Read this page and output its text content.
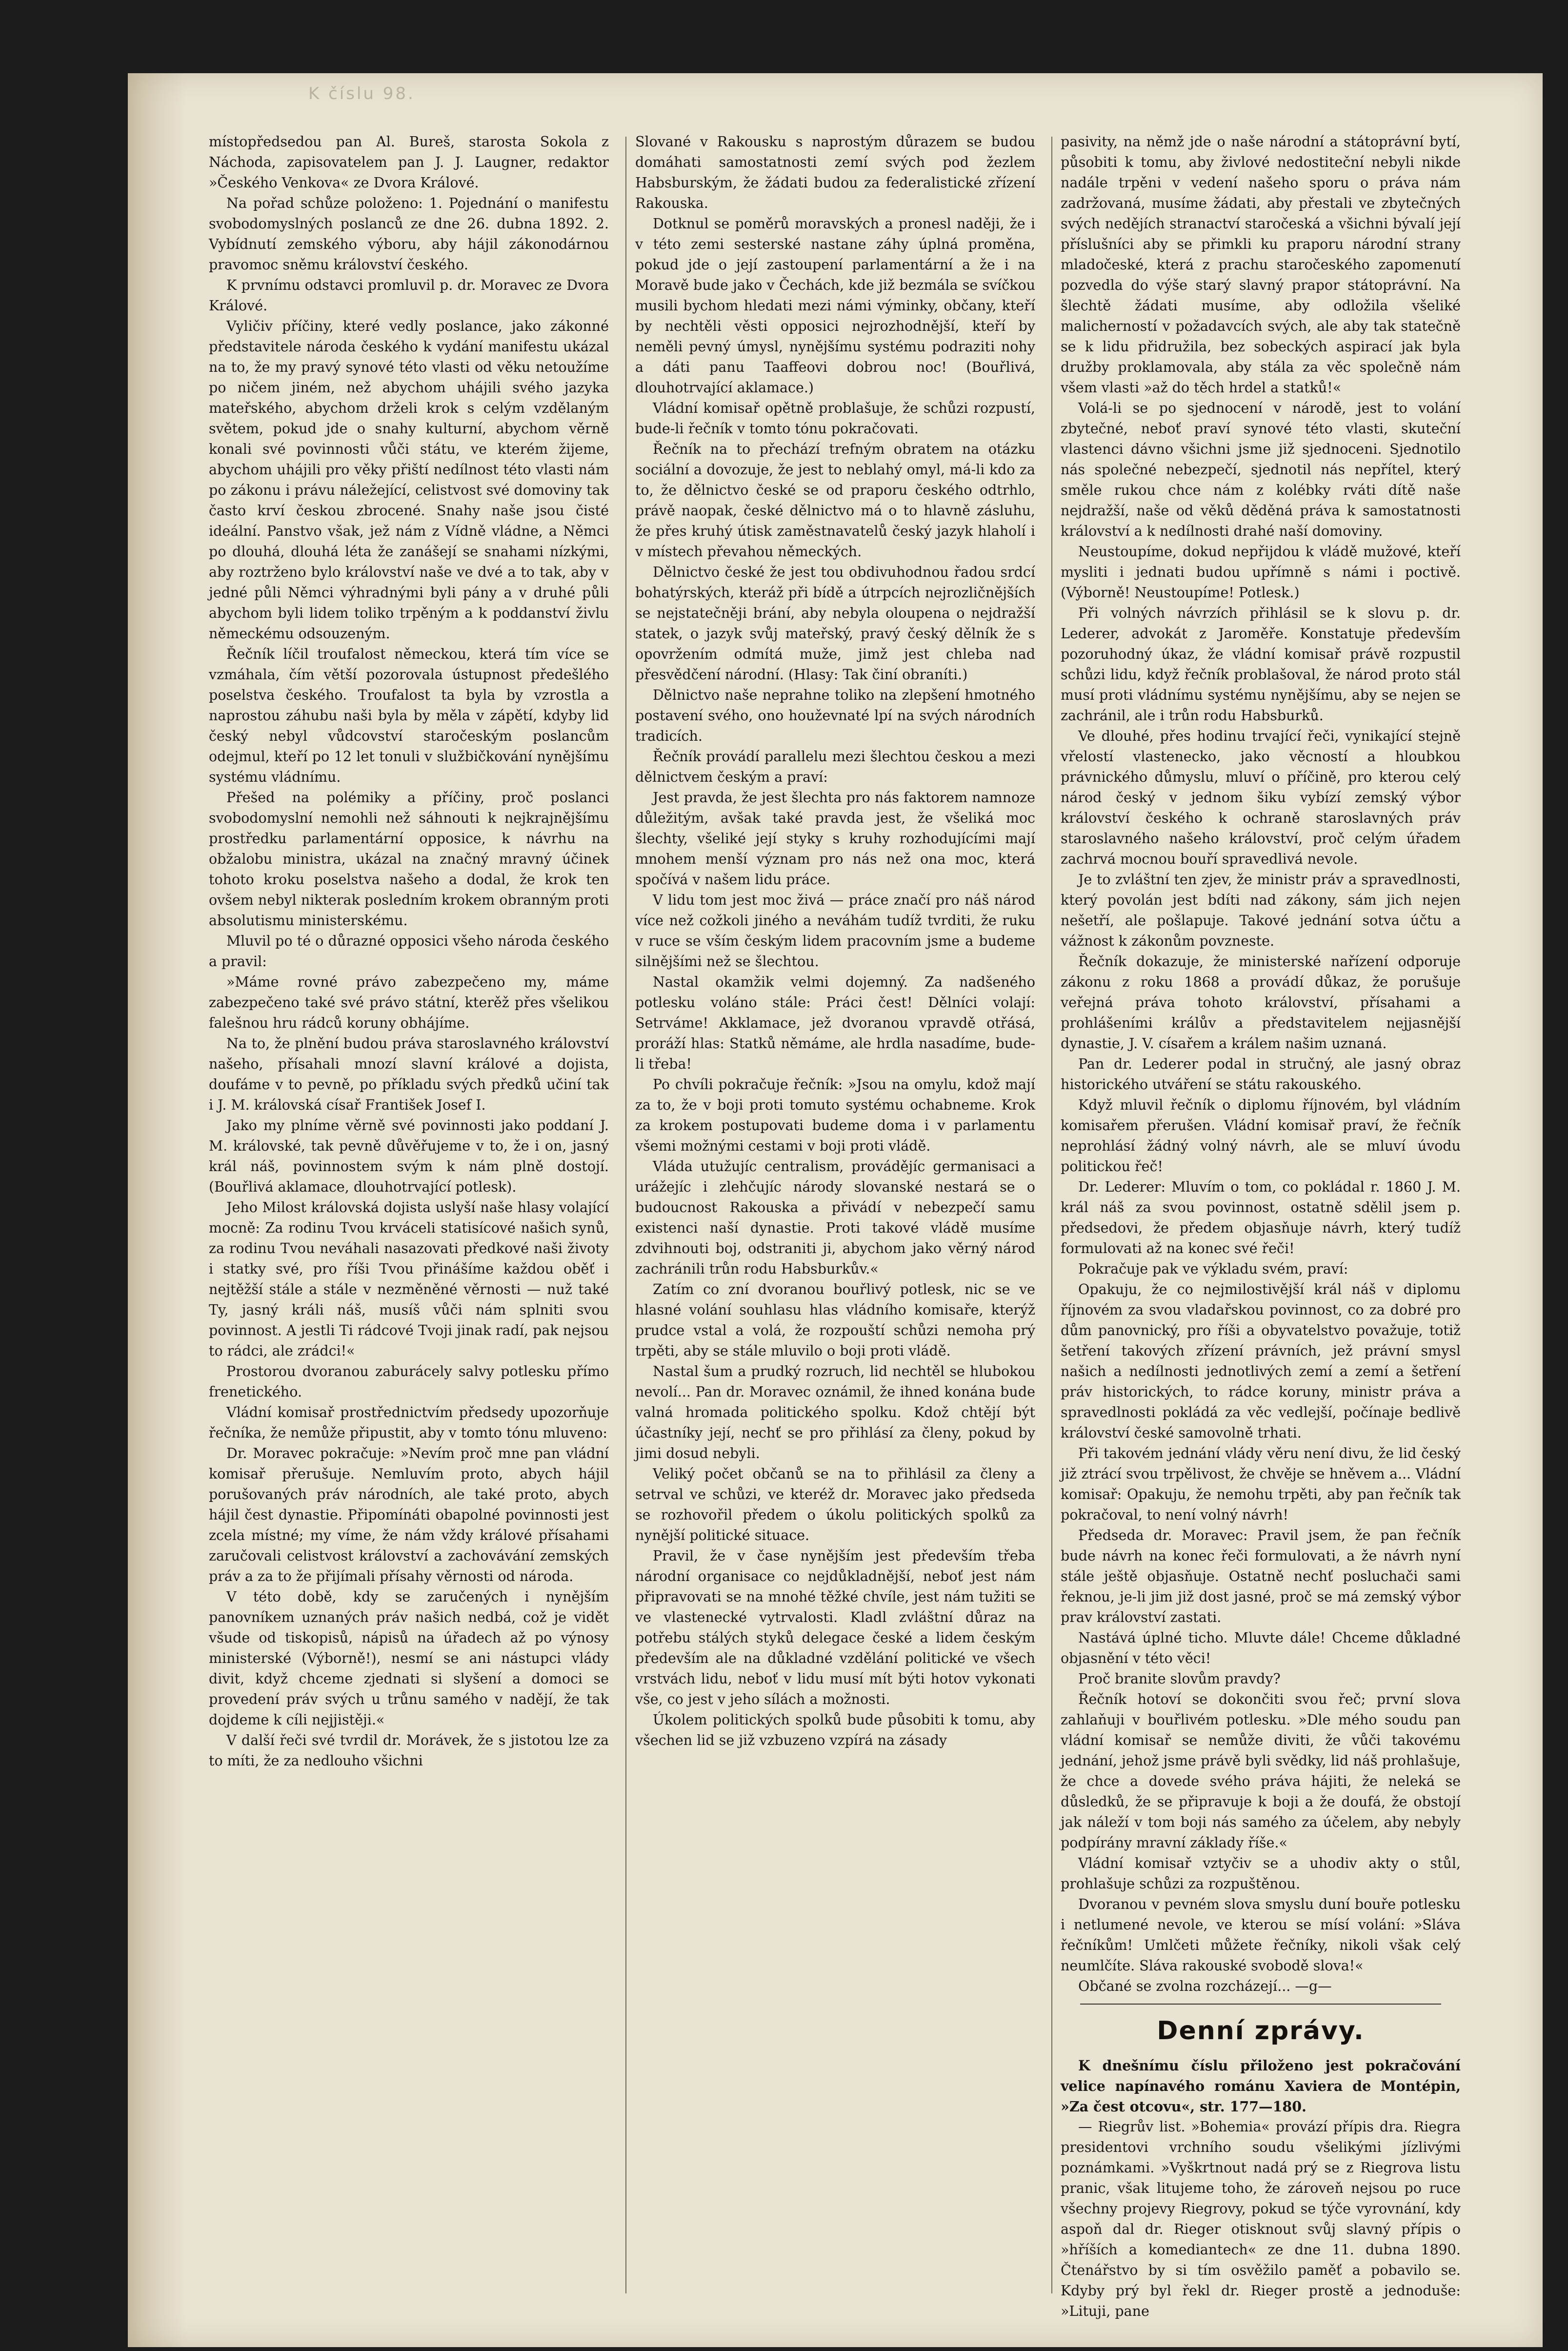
K číslu 98.

místopředsedou pan Al. Bureš, starosta Sokola z Náchoda, zapisovatelem pan J. J. Laugner, redaktor »Českého Venkova« ze Dvora Králové.

Na pořad schůze položeno: 1. Pojednání o manifestu svobodomyslných poslanců ze dne 26. dubna 1892. 2. Vybídnutí zemského výboru, aby hájil zákonodárnou pravomoc sněmu království českého.

K prvnímu odstavci promluvil p. dr. Moravec ze Dvora Králové.

Vyličiv příčiny, které vedly poslance, jako zákonné představitele národa českého k vydání manifestu ukázal na to, že my pravý synové této vlasti od věku netoužíme po ničem jiném, než abychom uhájili svého jazyka mateřského, abychom drželi krok s celým vzdělaným světem, pokud jde o snahy kulturní, abychom věrně konali své povinnosti vůči státu, ve kterém žijeme, abychom uhájili pro věky přiští nedílnost této vlasti nám po zákonu i právu náležející, celistvost své domoviny tak často krví českou zbrocené. Snahy naše jsou čisté ideální. Panstvo však, jež nám z Vídně vládne, a Němci po dlouhá, dlouhá léta že zanášejí se snahami nízkými, aby roztrženo bylo království naše ve dvé a to tak, aby v jedné půli Němci výhradnými byli pány a v druhé půli abychom byli lidem toliko trpěným a k poddanství živlu německému odsouzeným.

Řečník líčil troufalost německou, která tím více se vzmáhala, čím větší pozorovala ústupnost předešlého poselstva českého. Troufalost ta byla by vzrostla a naprostou záhubu naši byla by měla v zápětí, kdyby lid český nebyl vůdcovství staročeským poslancům odejmul, kteří po 12 let tonuli v službičkování nynějšímu systému vládnímu.

Přešed na polémiky a příčiny, proč poslanci svobodomyslní nemohli než sáhnouti k nejkrajnějšímu prostředku parlamentární opposice, k návrhu na obžalobu ministra, ukázal na značný mravný účinek tohoto kroku poselstva našeho a dodal, že krok ten ovšem nebyl nikterak posledním krokem obranným proti absolutismu ministerskému.

Mluvil po té o důrazné opposici všeho národa českého a pravil:

»Máme rovné právo zabezpečeno my, máme zabezpečeno také své právo státní, kterěž přes všelikou falešnou hru rádců koruny obhájíme.

Na to, že plnění budou práva staroslavného království našeho, přísahali mnozí slavní králové a dojista, doufáme v to pevně, po příkladu svých předků učiní tak i J. M. královská císař František Josef I.

Jako my plníme věrně své povinnosti jako poddaní J. M. královské, tak pevně důvěřujeme v to, že i on, jasný král náš, povinnostem svým k nám plně dostojí. (Bouřlivá aklamace, dlouhotrvající potlesk).

Jeho Milost královská dojista uslyší naše hlasy volající mocně: Za rodinu Tvou krváceli statisícové našich synů, za rodinu Tvou neváhali nasazovati předkové naši životy i statky své, pro říši Tvou přinášíme každou oběť i nejtěžší stále a stále v nezměněné věrnosti — nuž také Ty, jasný králi náš, musíš vůči nám splniti svou povinnost. A jestli Ti rádcové Tvoji jinak radí, pak nejsou to rádci, ale zrádci!«

Prostorou dvoranou zaburácely salvy potlesku přímo frenetického.

Vládní komisař prostřednictvím předsedy upozorňuje řečníka, že nemůže připustit, aby v tomto tónu mluveno:

Dr. Moravec pokračuje: »Nevím proč mne pan vládní komisař přerušuje. Nemluvím proto, abych hájil porušovaných práv národních, ale také proto, abych hájil čest dynastie. Připomínáti obapolné povinnosti jest zcela místné; my víme, že nám vždy králové přísahami zaručovali celistvost království a zachovávání zemských práv a za to že přijímali přísahy věrnosti od národa.

V této době, kdy se zaručených i nynějším panovníkem uznaných práv našich nedbá, což je vidět všude od tiskopisů, nápisů na úřadech až po výnosy ministerské (Výborně!), nesmí se ani nástupci vlády divit, když chceme zjednati si slyšení a domoci se provedení práv svých u trůnu samého v nadějí, že tak dojdeme k cíli nejjistěji.«

V další řeči své tvrdil dr. Morávek, že s jistotou lze za to míti, že za nedlouho všichni

Slované v Rakousku s naprostým důrazem se budou domáhati samostatnosti zemí svých pod žezlem Habsburským, že žádati budou za federalistické zřízení Rakouska.

Dotknul se poměrů moravských a pronesl naději, že i v této zemi sesterské nastane záhy úplná proměna, pokud jde o její zastoupení parlamentární a že i na Moravě bude jako v Čechách, kde již bezmála se svíčkou musili bychom hledati mezi námi výminky, občany, kteří by nechtěli věsti opposici nejrozhodnější, kteří by neměli pevný úmysl, nynějšímu systému podraziti nohy a dáti panu Taaffeovi dobrou noc! (Bouřlivá, dlouhotrvající aklamace.)

Vládní komisař opětně problašuje, že schůzi rozpustí, bude-li řečník v tomto tónu pokračovati.

Řečník na to přechází trefným obratem na otázku sociální a dovozuje, že jest to neblahý omyl, má-li kdo za to, že dělnictvo české se od praporu českého odtrhlo, právě naopak, české dělnictvo má o to hlavně zásluhu, že přes kruhý útisk zaměstnavatelů český jazyk hlaholí i v místech převahou německých.

Dělnictvo české že jest tou obdivuhodnou řadou srdcí bohatýrských, kteráž při bídě a útrpcích nejrozličnějších se nejstatečněji brání, aby nebyla oloupena o nejdražší statek, o jazyk svůj mateřský, pravý český dělník že s opovržením odmítá muže, jimž jest chleba nad přesvědčení národní. (Hlasy: Tak činí obraníti.)

Dělnictvo naše neprahne toliko na zlepšení hmotného postavení svého, ono houževnaté lpí na svých národních tradicích.

Řečník provádí parallelu mezi šlechtou českou a mezi dělnictvem českým a praví:

Jest pravda, že jest šlechta pro nás faktorem namnoze důležitým, avšak také pravda jest, že všeliká moc šlechty, všeliké její styky s kruhy rozhodujícími mají mnohem menší význam pro nás než ona moc, která spočívá v našem lidu práce.

V lidu tom jest moc živá — práce značí pro náš národ více než cožkoli jiného a neváhám tudíž tvrditi, že ruku v ruce se vším českým lidem pracovním jsme a budeme silnějšími než se šlechtou.

Nastal okamžik velmi dojemný. Za nadšeného potlesku voláno stále: Práci čest! Dělníci volají: Setrváme! Akklamace, jež dvoranou vpravdě otřásá, proráží hlas: Statků němáme, ale hrdla nasadíme, bude-li třeba!

Po chvíli pokračuje řečník: »Jsou na omylu, kdož mají za to, že v boji proti tomuto systému ochabneme. Krok za krokem postupovati budeme doma i v parlamentu všemi možnými cestami v boji proti vládě.

Vláda utužujíc centralism, provádějíc germanisaci a urážejíc i zlehčujíc národy slovanské nestará se o budoucnost Rakouska a přivádí v nebezpečí samu existenci naší dynastie. Proti takové vládě musíme zdvihnouti boj, odstraniti ji, abychom jako věrný národ zachránili trůn rodu Habsburkův.«

Zatím co zní dvoranou bouřlivý potlesk, nic se ve hlasné volání souhlasu hlas vládního komisaře, kterýž prudce vstal a volá, že rozpouští schůzi nemoha prý trpěti, aby se stále mluvilo o boji proti vládě.

Nastal šum a prudký rozruch, lid nechtěl se hlubokou nevolí... Pan dr. Moravec oznámil, že ihned konána bude valná hromada politického spolku. Kdož chtějí být účastníky její, nechť se pro přihlásí za členy, pokud by jimi dosud nebyli.

Veliký počet občanů se na to přihlásil za členy a setrval ve schůzi, ve kteréž dr. Moravec jako předseda se rozhovořil předem o úkolu politických spolků za nynější politické situace.

Pravil, že v čase nynějším jest především třeba národní organisace co nejdůkladnější, neboť jest nám připravovati se na mnohé těžké chvíle, jest nám tužiti se ve vlastenecké vytrvalosti. Kladl zvláštní důraz na potřebu stálých styků delegace české a lidem českým především ale na důkladné vzdělání politické ve všech vrstvách lidu, neboť v lidu musí mít býti hotov vykonati vše, co jest v jeho sílách a možnosti.

Úkolem politických spolků bude působiti k tomu, aby všechen lid se již vzbuzeno vzpírá na zásady

pasivity, na němž jde o naše národní a státoprávní bytí, působiti k tomu, aby živlové nedostiteční nebyli nikde nadále trpěni v vedení našeho sporu o práva nám zadržovaná, musíme žádati, aby přestali ve zbytečných svých nedějích stranactví staročeská a všichni bývalí její příslušníci aby se přimkli ku praporu národní strany mladočeské, která z prachu staročeského zapomenutí pozvedla do výše starý slavný prapor státoprávní. Na šlechtě žádati musíme, aby odložila všeliké malicherností v požadavcích svých, ale aby tak statečně se k lidu přidružila, bez sobeckých aspirací jak byla družby proklamovala, aby stála za věc společně nám všem vlasti »až do těch hrdel a statků!«

Volá-li se po sjednocení v národě, jest to volání zbytečné, neboť praví synové této vlasti, skuteční vlastenci dávno všichni jsme již sjednoceni. Sjednotilo nás společné nebezpečí, sjednotil nás nepřítel, který směle rukou chce nám z kolébky rváti dítě naše nejdražší, naše od věků děděná práva k samostatnosti království a k nedílnosti drahé naší domoviny.

Neustoupíme, dokud nepřijdou k vládě mužové, kteří mysliti i jednati budou upřímně s námi i poctivě. (Výborně! Neustoupíme! Potlesk.)

Při volných návrzích přihlásil se k slovu p. dr. Lederer, advokát z Jaroměře. Konstatuje především pozoruhodný úkaz, že vládní komisař právě rozpustil schůzi lidu, když řečník problašoval, že národ proto stál musí proti vládnímu systému nynějšímu, aby se nejen se zachránil, ale i trůn rodu Habsburků.

Ve dlouhé, přes hodinu trvající řeči, vynikající stejně vřelostí vlastenecko, jako věcností a hloubkou právnického důmyslu, mluví o příčině, pro kterou celý národ český v jednom šiku vybízí zemský výbor království českého k ochraně staroslavných práv staroslavného našeho království, proč celým úřadem zachrvá mocnou bouří spravedlivá nevole.

Je to zvláštní ten zjev, že ministr práv a spravedlnosti, který povolán jest bdíti nad zákony, sám jich nejen nešetří, ale pošlapuje. Takové jednání sotva účtu a vážnost k zákonům povzneste.

Řečník dokazuje, že ministerské nařízení odporuje zákonu z roku 1868 a provádí důkaz, že porušuje veřejná práva tohoto království, přísahami a prohlášeními králův a představitelem nejjasnější dynastie, J. V. císařem a králem našim uznaná.

Pan dr. Lederer podal in stručný, ale jasný obraz historického utváření se státu rakouského.

Když mluvil řečník o diplomu říjnovém, byl vládním komisařem přerušen. Vládní komisař praví, že řečník neprohlásí žádný volný návrh, ale se mluví úvodu politickou řeč!

Dr. Lederer: Mluvím o tom, co pokládal r. 1860 J. M. král náš za svou povinnost, ostatně sdělil jsem p. předsedovi, že předem objasňuje návrh, který tudíž formulovati až na konec své řeči!

Pokračuje pak ve výkladu svém, praví:

Opakuju, že co nejmilostivější král náš v diplomu říjnovém za svou vladařskou povinnost, co za dobré pro dům panovnický, pro říši a obyvatelstvo považuje, totiž šetření takových zřízení právních, jež právní smysl našich a nedílnosti jednotlivých zemí a zemí a šetření práv historických, to rádce koruny, ministr práva a spravedlnosti pokládá za věc vedlejší, počínaje bedlivě království české samovolně trhati.

Při takovém jednání vlády věru není divu, že lid český již ztrácí svou trpělivost, že chvěje se hněvem a... Vládní komisař: Opakuju, že nemohu trpěti, aby pan řečník tak pokračoval, to není volný návrh!

Předseda dr. Moravec: Pravil jsem, že pan řečník bude návrh na konec řeči formulovati, a že návrh nyní stále ještě objasňuje. Ostatně nechť posluchači sami řeknou, je-li jim již dost jasné, proč se má zemský výbor prav království zastati.

Nastává úplné ticho. Mluvte dále! Chceme důkladné objasnění v této věci!

Proč branite slovům pravdy?

Řečník hotoví se dokončiti svou řeč; první slova zahlaňuji v bouřlivém potlesku. »Dle mého soudu pan vládní komisař se nemůže diviti, že vůči takovému jednání, jehož jsme právě byli svědky, lid náš prohlašuje, že chce a dovede svého práva hájiti, že neleká se důsledků, že se připravuje k boji a že doufá, že obstojí jak náleží v tom boji nás samého za účelem, aby nebyly podpírány mravní základy říše.«

Vládní komisař vztyčiv se a uhodiv akty o stůl, prohlašuje schůzi za rozpuštěnou.

Dvoranou v pevném slova smyslu duní bouře potlesku i netlumené nevole, ve kterou se mísí volání: »Sláva řečníkům! Umlčeti můžete řečníky, nikoli však celý neumlčíte. Sláva rakouské svobodě slova!«

Občané se zvolna rozcházejí... —g—

Denní zprávy.

K dnešnímu číslu přiloženo jest pokračování velice napínavého románu Xaviera de Montépin, »Za čest otcovu«, str. 177—180.

— Riegrův list. »Bohemia« provází přípis dra. Riegra presidentovi vrchního soudu všelikými jízlivými poznámkami. »Vyškrtnout nadá prý se z Riegrova listu pranic, však litujeme toho, že zároveň nejsou po ruce všechny projevy Riegrovy, pokud se týče vyrovnání, kdy aspoň dal dr. Rieger otisknout svůj slavný přípis o »hříších a komediantech« ze dne 11. dubna 1890. Čtenářstvo by si tím osvěžilo paměť a pobavilo se. Kdyby prý byl řekl dr. Rieger prostě a jednoduše: »Lituji, pane
